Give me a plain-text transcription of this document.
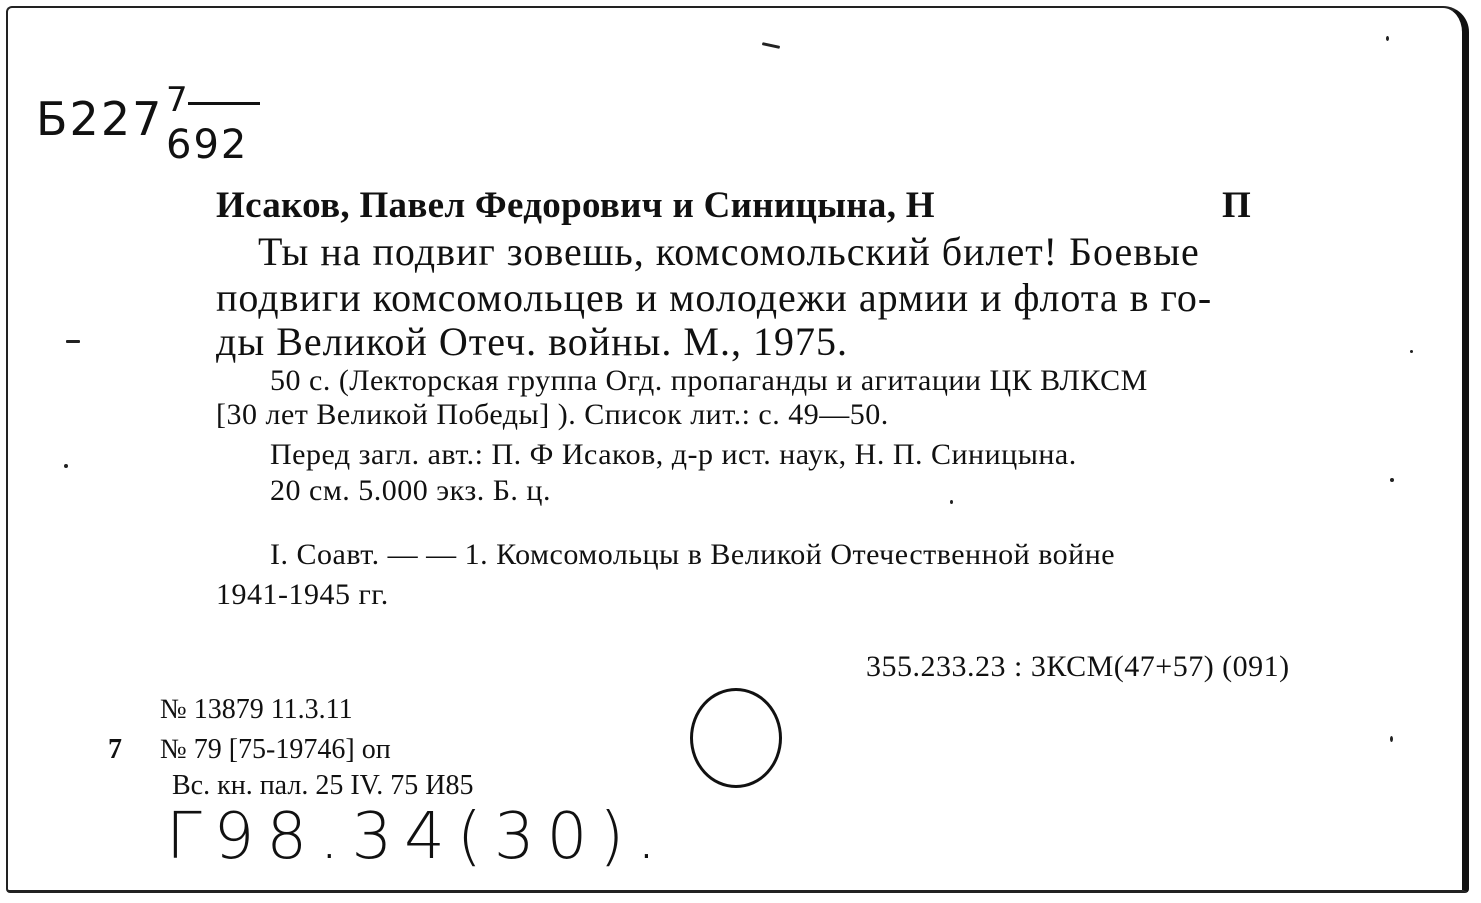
Б227 7
692
Исаков, Павел Федорович и Синицына, Н	П
Ты на подвиг зовешь, комсомольский билет! Боевые
подвиги комсомольцев и молодежи армии и флота в го-
ды Великой Отеч. войны. М., 1975.
50 с. (Лекторская группа Огд. пропаганды и агитации ЦК ВЛКСМ
[30 лет Великой Победы] ). Список лит.: с. 49—50.
Перед загл. авт.: П. Ф Исаков, д-р ист. наук, Н. П. Синицына.
20 см. 5.000 экз. Б. ц.
I. Соавт. — — 1. Комсомольцы в Великой Отечественной войне
1941-1945 гг.
355.233.23 : 3КСМ(47+57) (091)
№ 13879 11.3.11
7 № 79 [75-19746] оп
Вс. кн. пал. 25 IV. 75 И85
Г98.34(30).
